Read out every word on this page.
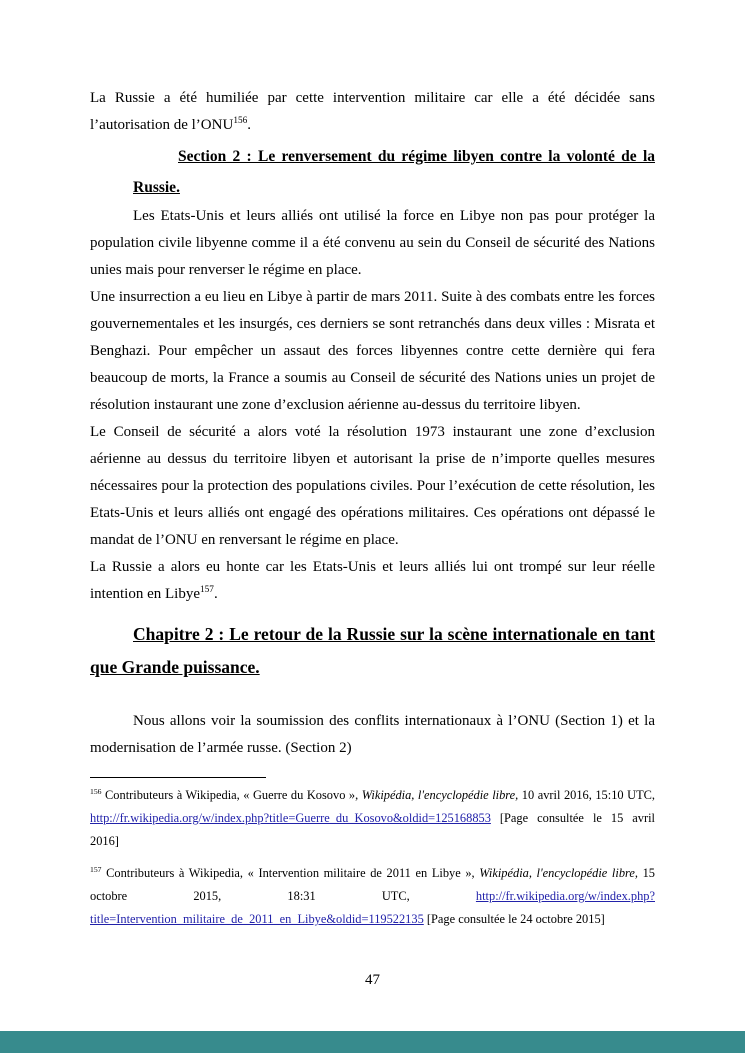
La Russie a été humiliée par cette intervention militaire car elle a été décidée sans l’autorisation de l’ONU$^{156}$.

Section 2 : Le renversement du régime libyen contre la volonté de la Russie.

Les Etats-Unis et leurs alliés ont utilisé la force en Libye non pas pour protéger la population civile libyenne comme il a été convenu au sein du Conseil de sécurité des Nations unies mais pour renverser le régime en place.

Une insurrection a eu lieu en Libye à partir de mars 2011. Suite à des combats entre les forces gouvernementales et les insurgés, ces derniers se sont retranchés dans deux villes : Misrata et Benghazi. Pour empêcher un assaut des forces libyennes contre cette dernière qui fera beaucoup de morts, la France a soumis au Conseil de sécurité des Nations unies un projet de résolution instaurant une zone d’exclusion aérienne au-dessus du territoire libyen.

Le Conseil de sécurité a alors voté la résolution 1973 instaurant une zone d’exclusion aérienne au dessus du territoire libyen et autorisant la prise de n’importe quelles mesures nécessaires pour la protection des populations civiles. Pour l’exécution de cette résolution, les Etats-Unis et leurs alliés ont engagé des opérations militaires. Ces opérations ont dépassé le mandat de l’ONU en renversant le régime en place.

La Russie a alors eu honte car les Etats-Unis et leurs alliés lui ont trompé sur leur réelle intention en Libye$^{157}$.

Chapitre 2 : Le retour de la Russie sur la scène internationale en tant que Grande puissance.

Nous allons voir la soumission des conflits internationaux à l’ONU (Section 1) et la modernisation de l’armée russe. (Section 2)

$^{156}$ Contributeurs à Wikipedia, « Guerre du Kosovo », Wikipédia, l'encyclopédie libre, 10 avril 2016, 15:10 UTC, http://fr.wikipedia.org/w/index.php?title=Guerre_du_Kosovo&oldid=125168853 [Page consultée le 15 avril 2016]

$^{157}$ Contributeurs à Wikipedia, « Intervention militaire de 2011 en Libye », Wikipédia, l'encyclopédie libre, 15 octobre 2015, 18:31 UTC, http://fr.wikipedia.org/w/index.php?title=Intervention_militaire_de_2011_en_Libye&oldid=119522135 [Page consultée le 24 octobre 2015]

47
